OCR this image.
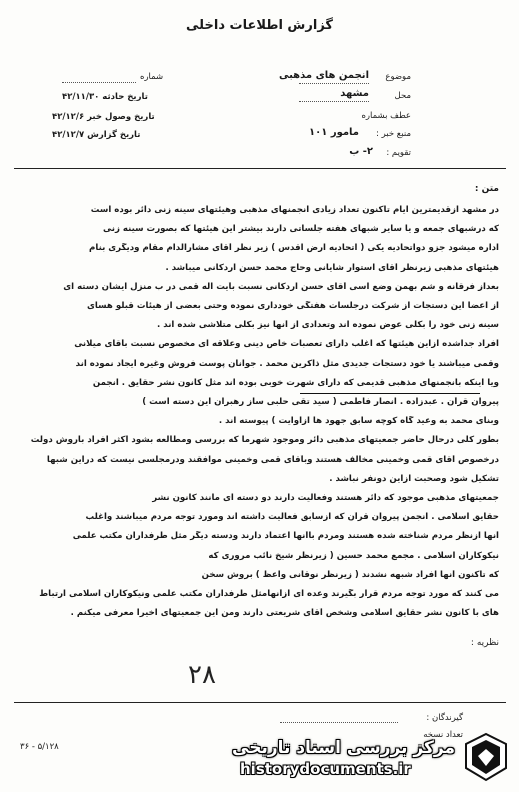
گزارش اطلاعات داخلی
موضوع
انجمن های مذهبی
محل
مشهد
عطف بشماره
منبع خبر :
مامور ۱۰۱
تقویم :
۲- ب
شماره
تاریخ حادثه ۴۲/۱۱/۳۰
تاریخ وصول خبر ۴۲/۱۲/۶
تاریخ گزارش ۴۲/۱۲/۷
متن :
در مشهد ازقدیمترین ایام تاکنون تعداد زیادی انجمنهای مذهبی وهیئتهای سینه زنی دائر بوده است
که درشبهای جمعه و یا سایر شبهای هفته جلساتی دارند بیشتر این هیئتها که بصورت سینه زنی
اداره میشود جزو دواتحادیه یکی ( اتحادیه ارض اقدس ) زیر نظر آقای مشارالدام مقام ودیگری بنام
هیئتهای مذهبی زیرنظر آقای استوار شایانی وحاج محمد حسن اردکانی میباشد .
بعداز فرقانه و شم بهمن وضع اسی آقای حسن اردکانی نسبت بآیت اله قمی در ب منزل ایشان دسته ای
از اعضا این دستجات از شرکت درجلسات هفتگی خودداری نموده وحتی بعضی از هیئات قبلو هسای
سینه زنی خود را بکلی عوض نموده اند وتعدادی از آنها نیز بکلی متلاشی شده اند .
افراد جداشده ازاین هیئتها که اغلب دارای تعصبات خاص دینی وعلاقه ای مخصوص نسبت بآقای میلانی
وقمی میباشند یا خود دستجات جدیدی مثل ذاکرین محمد . جوانان پوست فروش وغیره ایجاد نموده اند
ویا اینکه بانجمنهای مذهبی قدیمی که دارای شهرت خوبی بوده اند مثل کانون نشر حقایق . انجمن
پیروان قرآن . عبدزاده . انصار فاطمی ( سید تقی حلبی ساز رهبران این دسته است )
وبنای محمد به وعید گاه کوچه سابق جهود ها ازاوایت ) پیوسته اند .
بطور کلی درحال حاضر جمعیتهای مذهبی دائر وموجود شهرما که بررسی ومطالعه بشود اکثر افراد باروش دولت
درخصوص آقای قمی وخمینی مخالف هستند وبآقای قمی وخمینی موافقند ودرمجلسی نیست که دراین شبها
تشکیل شود وصحبت ازاین دونفر نباشد .
جمعیتهای مذهبی موجود که دائر هستند وفعالیت دارند دو دسته ای مانند کانون نشر
حقایق اسلامی . انجمن پیروان قرآن که ازسابق فعالیت داشته اند ومورد توجه مردم میباشند واغلب
آنها ازنظر مردم شناخته شده هستند ومردم باآنها اعتماد دارند ودسته دیگر مثل طرفداران مکتب علمی
نیکوکاران اسلامی . مجمع محمد حسین ( زیرنظر شیخ نائب مروری که
که تاکنون آنها افراد شبهه نشدند ( زیرنظر نوقانی واعظ ) بروش سخن
می کنند که مورد توجه مردم قرار بگیرند وعده ای ازآنهامثل طرفداران مکتب علمی ونیکوکاران اسلامی ارتباط
های با کانون نشر حقایق اسلامی وشخص آقای شریعتی دارند ومن این جمعیتهای اخیرا معرفی میکنم .
نظریه :
۲۸
گیرندگان :
تعداد نسخه
۳۶ - ۵/۱۲۸	مرکز بررسی اسناد تاریخی
historydocuments.ir
